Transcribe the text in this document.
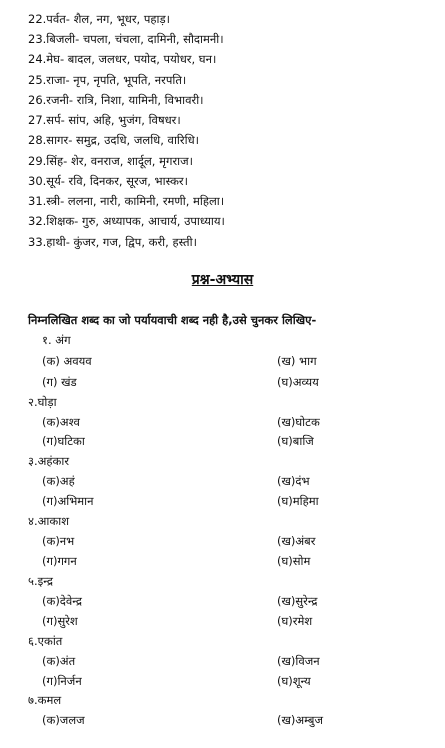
22.पर्वत- शैल, नग, भूधर, पहाड़।
23.बिजली- चपला, चंचला, दामिनी, सौदामनी।
24.मेघ- बादल, जलधर, पयोद, पयोधर, घन।
25.राजा- नृप, नृपति, भूपति, नरपति।
26.रजनी- रात्रि, निशा, यामिनी, विभावरी।
27.सर्प- सांप, अहि, भुजंग, विषधर।
28.सागर- समुद्र, उदधि, जलधि, वारिधि।
29.सिंह- शेर, वनराज, शार्दूल, मृगराज।
30.सूर्य- रवि, दिनकर, सूरज, भास्कर।
31.स्त्री- ललना, नारी, कामिनी, रमणी, महिला।
32.शिक्षक- गुरु, अध्यापक, आचार्य, उपाध्याय।
33.हाथी- कुंजर, गज, द्विप, करी, हस्ती।
प्रश्न-अभ्यास
निम्नलिखित शब्द का जो पर्यायवाची शब्द नही है,उसे चुनकर लिखिए-
१. अंग
(क) अवयव	(ख) भाग
(ग) खंड	(घ)अव्यय
२.घोड़ा
(क)अश्व	(ख)घोटक
(ग)घटिका	(घ)बाजि
३.अहंकार
(क)अहं	(ख)दंभ
(ग)अभिमान	(घ)महिमा
४.आकाश
(क)नभ	(ख)अंबर
(ग)गगन	(घ)सोम
५.इन्द्र
(क)देवेन्द्र	(ख)सुरेन्द्र
(ग)सुरेश	(घ)रमेश
६.एकांत
(क)अंत	(ख)विजन
(ग)निर्जन	(घ)शून्य
७.कमल
(क)जलज	(ख)अम्बुज
